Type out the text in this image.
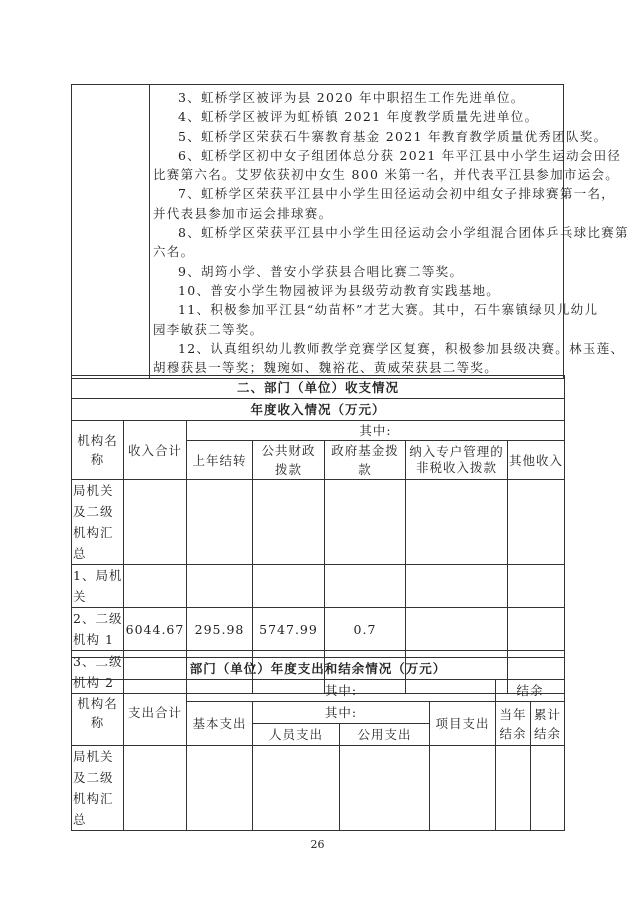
3、虹桥学区被评为县 2020 年中职招生工作先进单位。
4、虹桥学区被评为虹桥镇 2021 年度教学质量先进单位。
5、虹桥学区荣获石牛寨教育基金 2021 年教育教学质量优秀团队奖。
6、虹桥学区初中女子组团体总分获 2021 年平江县中小学生运动会田径
比赛第六名。艾罗依获初中女生 800 米第一名，并代表平江县参加市运会。
7、虹桥学区荣获平江县中小学生田径运动会初中组女子排球赛第一名，
并代表县参加市运会排球赛。
8、虹桥学区荣获平江县中小学生田径运动会小学组混合团体乒乓球比赛第
六名。
9、胡筠小学、普安小学获县合唱比赛二等奖。
10、普安小学生物园被评为县级劳动教育实践基地。
11、积极参加平江县“幼苗杯”才艺大赛。其中，石牛寨镇绿贝儿幼儿
园李敏获二等奖。
12、认真组织幼儿教师教学竞赛学区复赛，积极参加县级决赛。林玉莲、
胡穆获县一等奖；魏琬如、魏裕花、黄威荣获县二等奖。
二、部门（单位）收支情况						
年度收入情况（万元）						
机构名称	收入合计	其中:				
		上年结转	公共财政拨款	政府基金拨款	纳入专户管理的非税收入拨款	其他收入
局机关及二级机构汇总						
1、局机关						
2、二级机构 1	6044.67	295.98	5747.99	0.7		
3、二级机构 2						
部门（单位）年度支出和结余情况（万元）							
机构名称	支出合计	其中:				结余	
		基本支出	其中:		项目支出	当年结余	累计结余
			人员支出	公用支出			
局机关及二级机构汇总							
26
